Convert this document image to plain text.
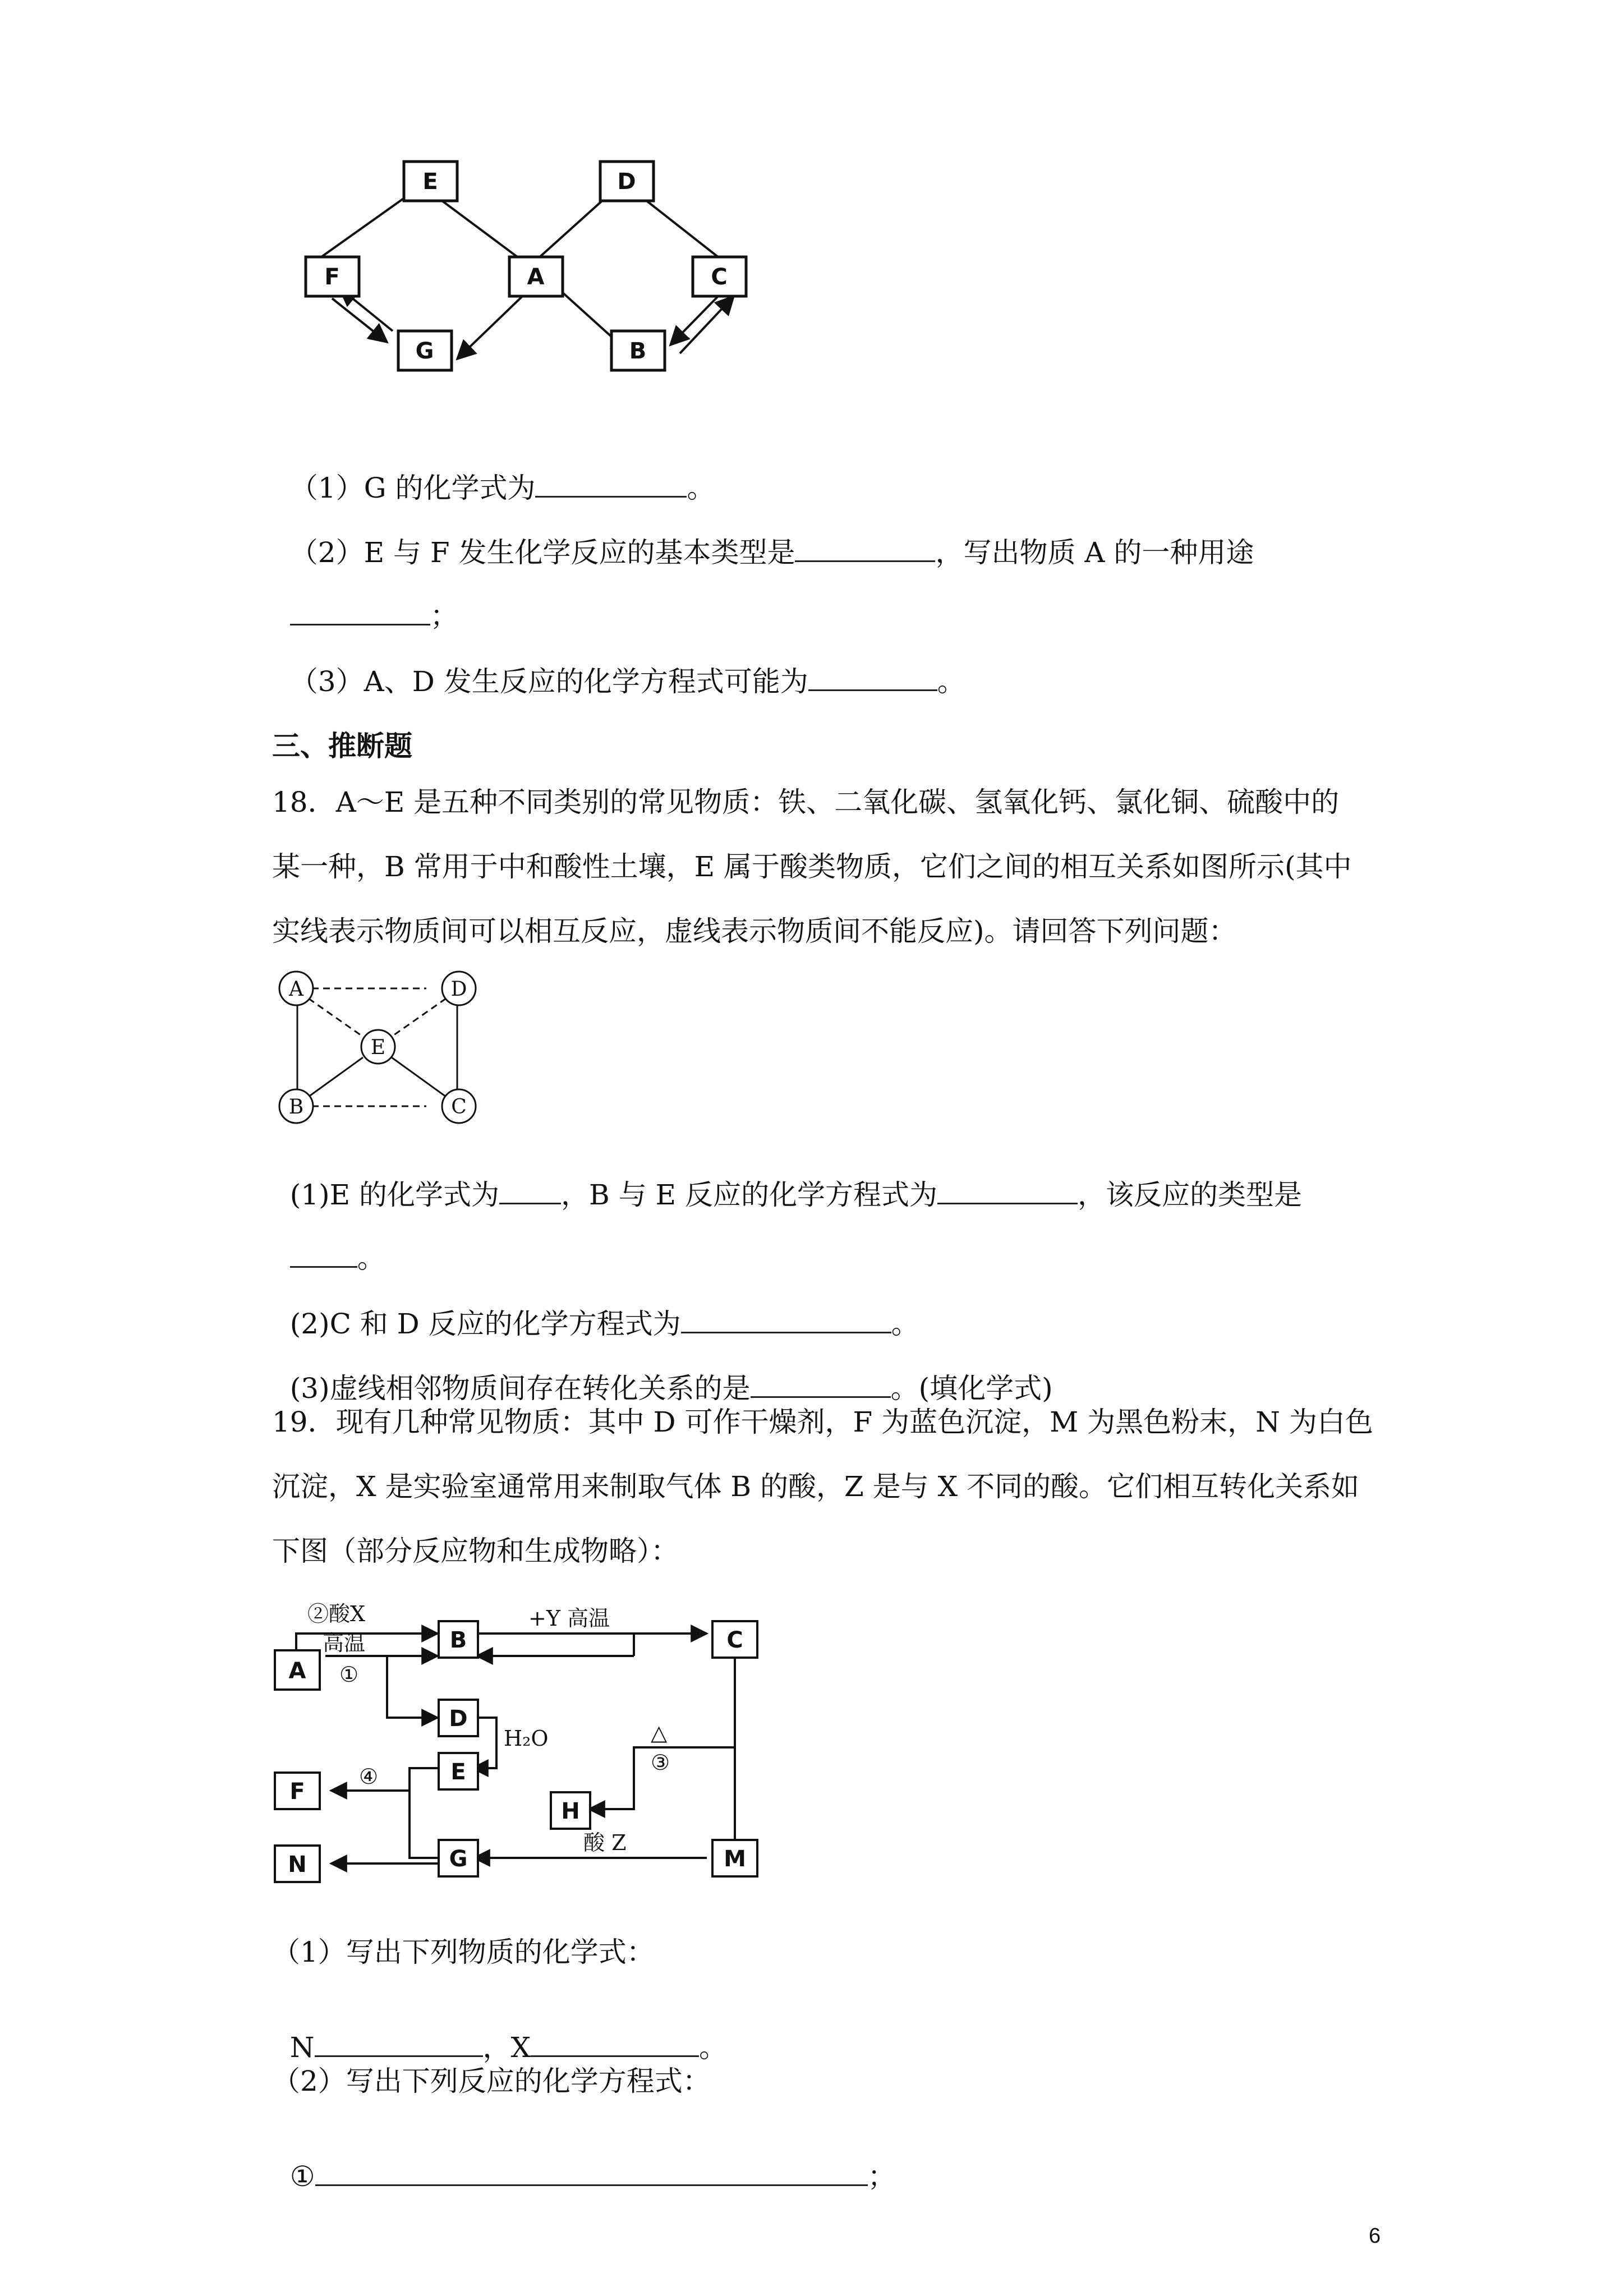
E	D
F	A	C
G	B

（1）G 的化学式为	。

（2）E 与 F 发生化学反应的基本类型是	，写出物质 A 的一种用途

；

（3）A、D 发生反应的化学方程式可能为	。

三、推断题
18．A～E 是五种不同类别的常见物质：铁、二氧化碳、氢氧化钙、氯化铜、硫酸中的
某一种，B 常用于中和酸性土壤，E 属于酸类物质，它们之间的相互关系如图所示(其中
实线表示物质间可以相互反应，虚线表示物质间不能反应)。请回答下列问题：
A	D
E
B	C

(1)E 的化学式为 ，B 与 E 反应的化学方程式为	，该反应的类型是

。

(2)C 和 D 反应的化学方程式为	。

(3)虚线相邻物质间存在转化关系的是	。(填化学式)

19．现有几种常见物质：其中 D 可作干燥剂，F 为蓝色沉淀，M 为黑色粉末，N 为白色
沉淀，X 是实验室通常用来制取气体 B 的酸，Z 是与 X 不同的酸。它们相互转化关系如
下图（部分反应物和生成物略）：
A
B	C
D
E
F
G
H
M
N
②酸X
高温
①
+Y 高温
H₂O	△
③
④
酸 Z
（1）写出下列物质的化学式：

N	，X	。

（2）写出下列反应的化学方程式：

①	；

6
